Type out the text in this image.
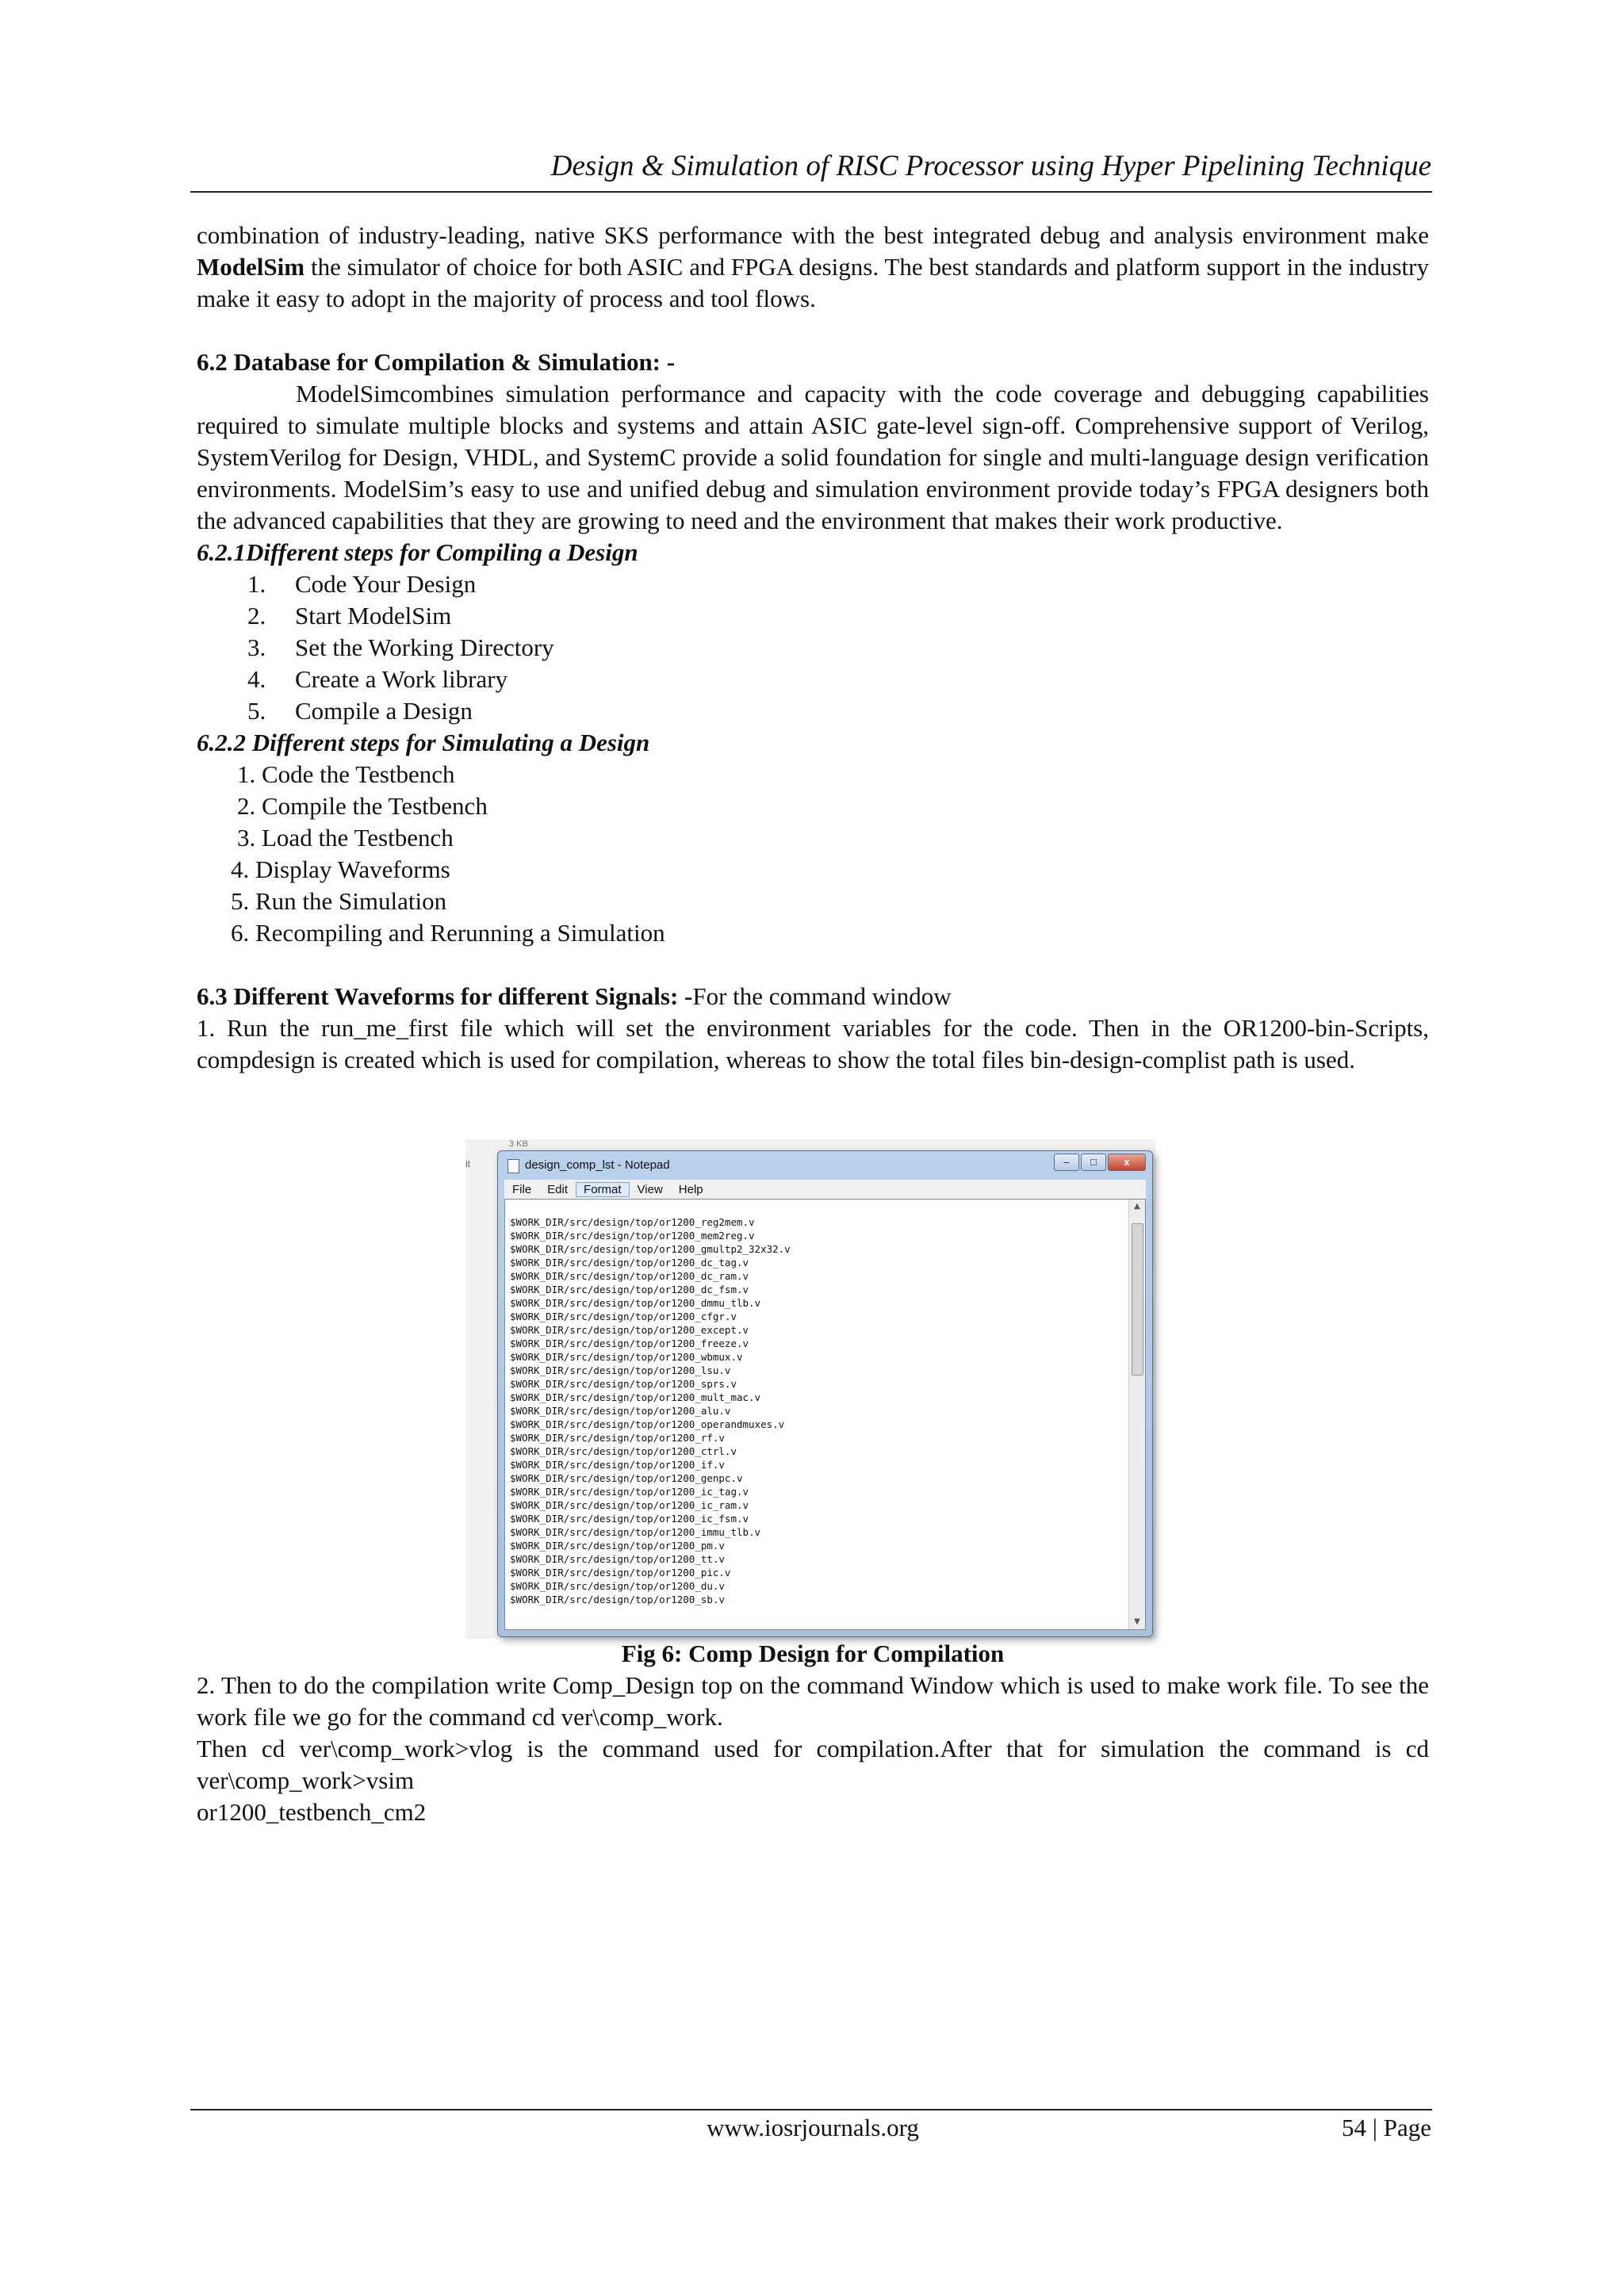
Design & Simulation of RISC Processor using Hyper Pipelining Technique

combination of industry-leading, native SKS performance with the best integrated debug and analysis environment make ModelSim the simulator of choice for both ASIC and FPGA designs. The best standards and platform support in the industry make it easy to adopt in the majority of process and tool flows.

6.2 Database for Compilation & Simulation: -

ModelSimcombines simulation performance and capacity with the code coverage and debugging capabilities required to simulate multiple blocks and systems and attain ASIC gate-level sign-off. Comprehensive support of Verilog, SystemVerilog for Design, VHDL, and SystemC provide a solid foundation for single and multi-language design verification environments. ModelSim’s easy to use and unified debug and simulation environment provide today’s FPGA designers both the advanced capabilities that they are growing to need and the environment that makes their work productive.

6.2.1Different steps for Compiling a Design

1.	Code Your Design
2.	Start ModelSim
3.	Set the Working Directory
4.	Create a Work library
5.	Compile a Design

6.2.2 Different steps for Simulating a Design

1. Code the Testbench
2. Compile the Testbench
3. Load the Testbench
4. Display Waveforms
5. Run the Simulation
6. Recompiling and Rerunning a Simulation

6.3 Different Waveforms for different Signals: -For the command window

1. Run the run_me_first file which will set the environment variables for the code. Then in the OR1200-bin-Scripts, compdesign is created which is used for compilation, whereas to show the total files bin-design-complist path is used.

3 KB
it	design_comp_lst - Notepad	–	□	x
File	Edit	Format	View	Help
$WORK_DIR/src/design/top/or1200_reg2mem.v
$WORK_DIR/src/design/top/or1200_mem2reg.v
$WORK_DIR/src/design/top/or1200_gmultp2_32x32.v
$WORK_DIR/src/design/top/or1200_dc_tag.v
$WORK_DIR/src/design/top/or1200_dc_ram.v
$WORK_DIR/src/design/top/or1200_dc_fsm.v
$WORK_DIR/src/design/top/or1200_dmmu_tlb.v
$WORK_DIR/src/design/top/or1200_cfgr.v
$WORK_DIR/src/design/top/or1200_except.v
$WORK_DIR/src/design/top/or1200_freeze.v
$WORK_DIR/src/design/top/or1200_wbmux.v
$WORK_DIR/src/design/top/or1200_lsu.v
$WORK_DIR/src/design/top/or1200_sprs.v
$WORK_DIR/src/design/top/or1200_mult_mac.v
$WORK_DIR/src/design/top/or1200_alu.v
$WORK_DIR/src/design/top/or1200_operandmuxes.v
$WORK_DIR/src/design/top/or1200_rf.v
$WORK_DIR/src/design/top/or1200_ctrl.v
$WORK_DIR/src/design/top/or1200_if.v
$WORK_DIR/src/design/top/or1200_genpc.v
$WORK_DIR/src/design/top/or1200_ic_tag.v
$WORK_DIR/src/design/top/or1200_ic_ram.v
$WORK_DIR/src/design/top/or1200_ic_fsm.v
$WORK_DIR/src/design/top/or1200_immu_tlb.v
$WORK_DIR/src/design/top/or1200_pm.v
$WORK_DIR/src/design/top/or1200_tt.v
$WORK_DIR/src/design/top/or1200_pic.v
$WORK_DIR/src/design/top/or1200_du.v
$WORK_DIR/src/design/top/or1200_sb.v
▲
▼
Fig 6: Comp Design for Compilation

2. Then to do the compilation write Comp_Design top on the command Window which is used to make work file. To see the work file we go for the command cd ver\comp_work.

Then cd ver\comp_work>vlog is the command used for compilation.After that for simulation the command is cd ver\comp_work>vsim

or1200_testbench_cm2

www.iosrjournals.org	54 | Page
